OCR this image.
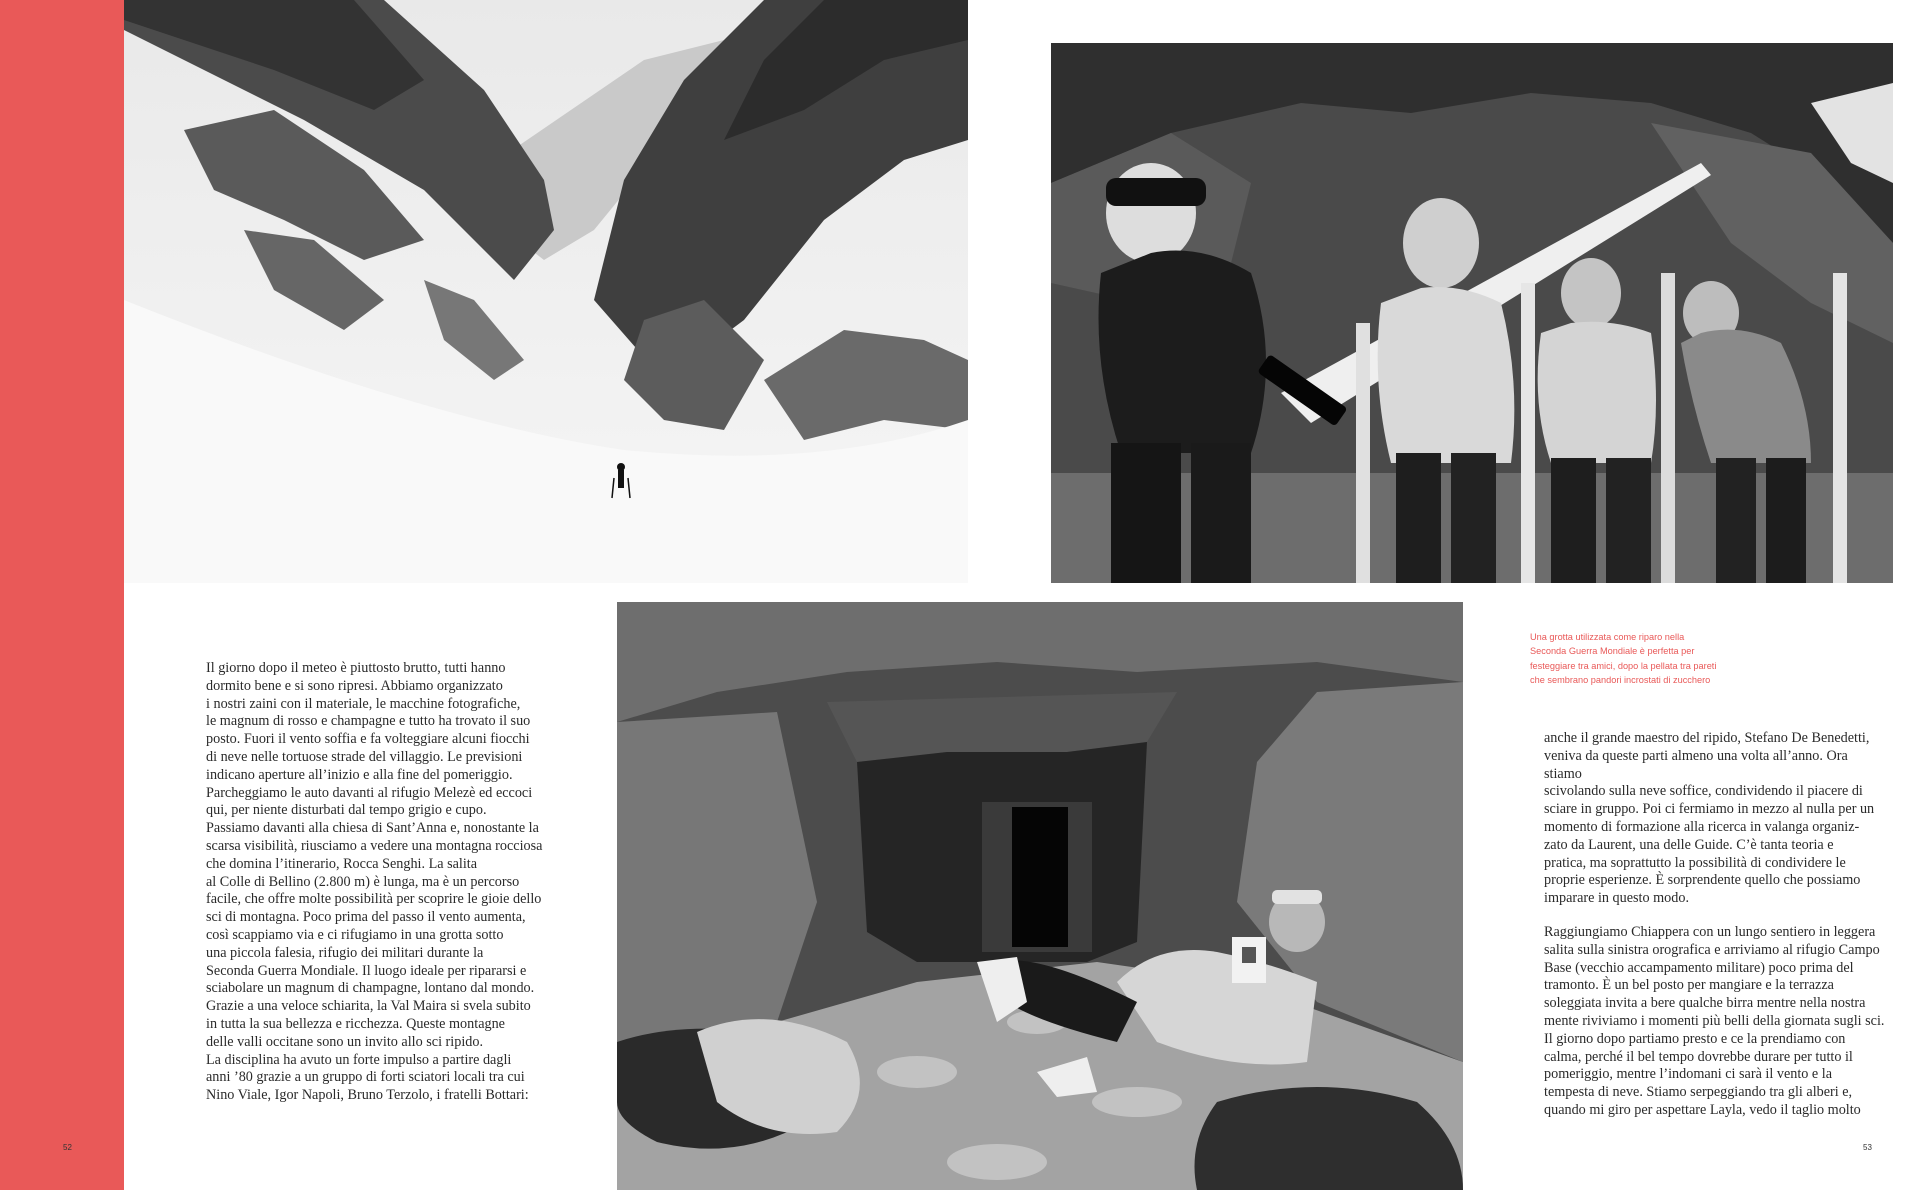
Il giorno dopo il meteo è piuttosto brutto, tutti hanno
dormito bene e si sono ripresi. Abbiamo organizzato
i nostri zaini con il materiale, le macchine fotografiche,
le magnum di rosso e champagne e tutto ha trovato il suo
posto. Fuori il vento soffia e fa volteggiare alcuni fiocchi
di neve nelle tortuose strade del villaggio. Le previsioni
indicano aperture all’inizio e alla fine del pomeriggio.
Parcheggiamo le auto davanti al rifugio Melezè ed eccoci
qui, per niente disturbati dal tempo grigio e cupo.
Passiamo davanti alla chiesa di Sant’Anna e, nonostante la
scarsa visibilità, riusciamo a vedere una montagna rocciosa
che domina l’itinerario, Rocca Senghi. La salita
al Colle di Bellino (2.800 m) è lunga, ma è un percorso
facile, che offre molte possibilità per scoprire le gioie dello
sci di montagna. Poco prima del passo il vento aumenta,
così scappiamo via e ci rifugiamo in una grotta sotto
una piccola falesia, rifugio dei militari durante la
Seconda Guerra Mondiale. Il luogo ideale per ripararsi e
sciabolare un magnum di champagne, lontano dal mondo.
Grazie a una veloce schiarita, la Val Maira si svela subito
in tutta la sua bellezza e ricchezza. Queste montagne
delle valli occitane sono un invito allo sci ripido.
La disciplina ha avuto un forte impulso a partire dagli
anni ’80 grazie a un gruppo di forti sciatori locali tra cui
Nino Viale, Igor Napoli, Bruno Terzolo, i fratelli Bottari:

Una grotta utilizzata come riparo nella
Seconda Guerra Mondiale è perfetta per
festeggiare tra amici, dopo la pellata tra pareti
che sembrano pandori incrostati di zucchero

anche il grande maestro del ripido, Stefano De Benedetti,
veniva da queste parti almeno una volta all’anno. Ora stiamo
scivolando sulla neve soffice, condividendo il piacere di
sciare in gruppo. Poi ci fermiamo in mezzo al nulla per un
momento di formazione alla ricerca in valanga organiz-
zato da Laurent, una delle Guide. C’è tanta teoria e
pratica, ma soprattutto la possibilità di condividere le
proprie esperienze. È sorprendente quello che possiamo
imparare in questo modo.

Raggiungiamo Chiappera con un lungo sentiero in leggera
salita sulla sinistra orografica e arriviamo al rifugio Campo
Base (vecchio accampamento militare) poco prima del
tramonto. È un bel posto per mangiare e la terrazza
soleggiata invita a bere qualche birra mentre nella nostra
mente riviviamo i momenti più belli della giornata sugli sci.
Il giorno dopo partiamo presto e ce la prendiamo con
calma, perché il bel tempo dovrebbe durare per tutto il
pomeriggio, mentre l’indomani ci sarà il vento e la
tempesta di neve. Stiamo serpeggiando tra gli alberi e,
quando mi giro per aspettare Layla, vedo il taglio molto

52	53
